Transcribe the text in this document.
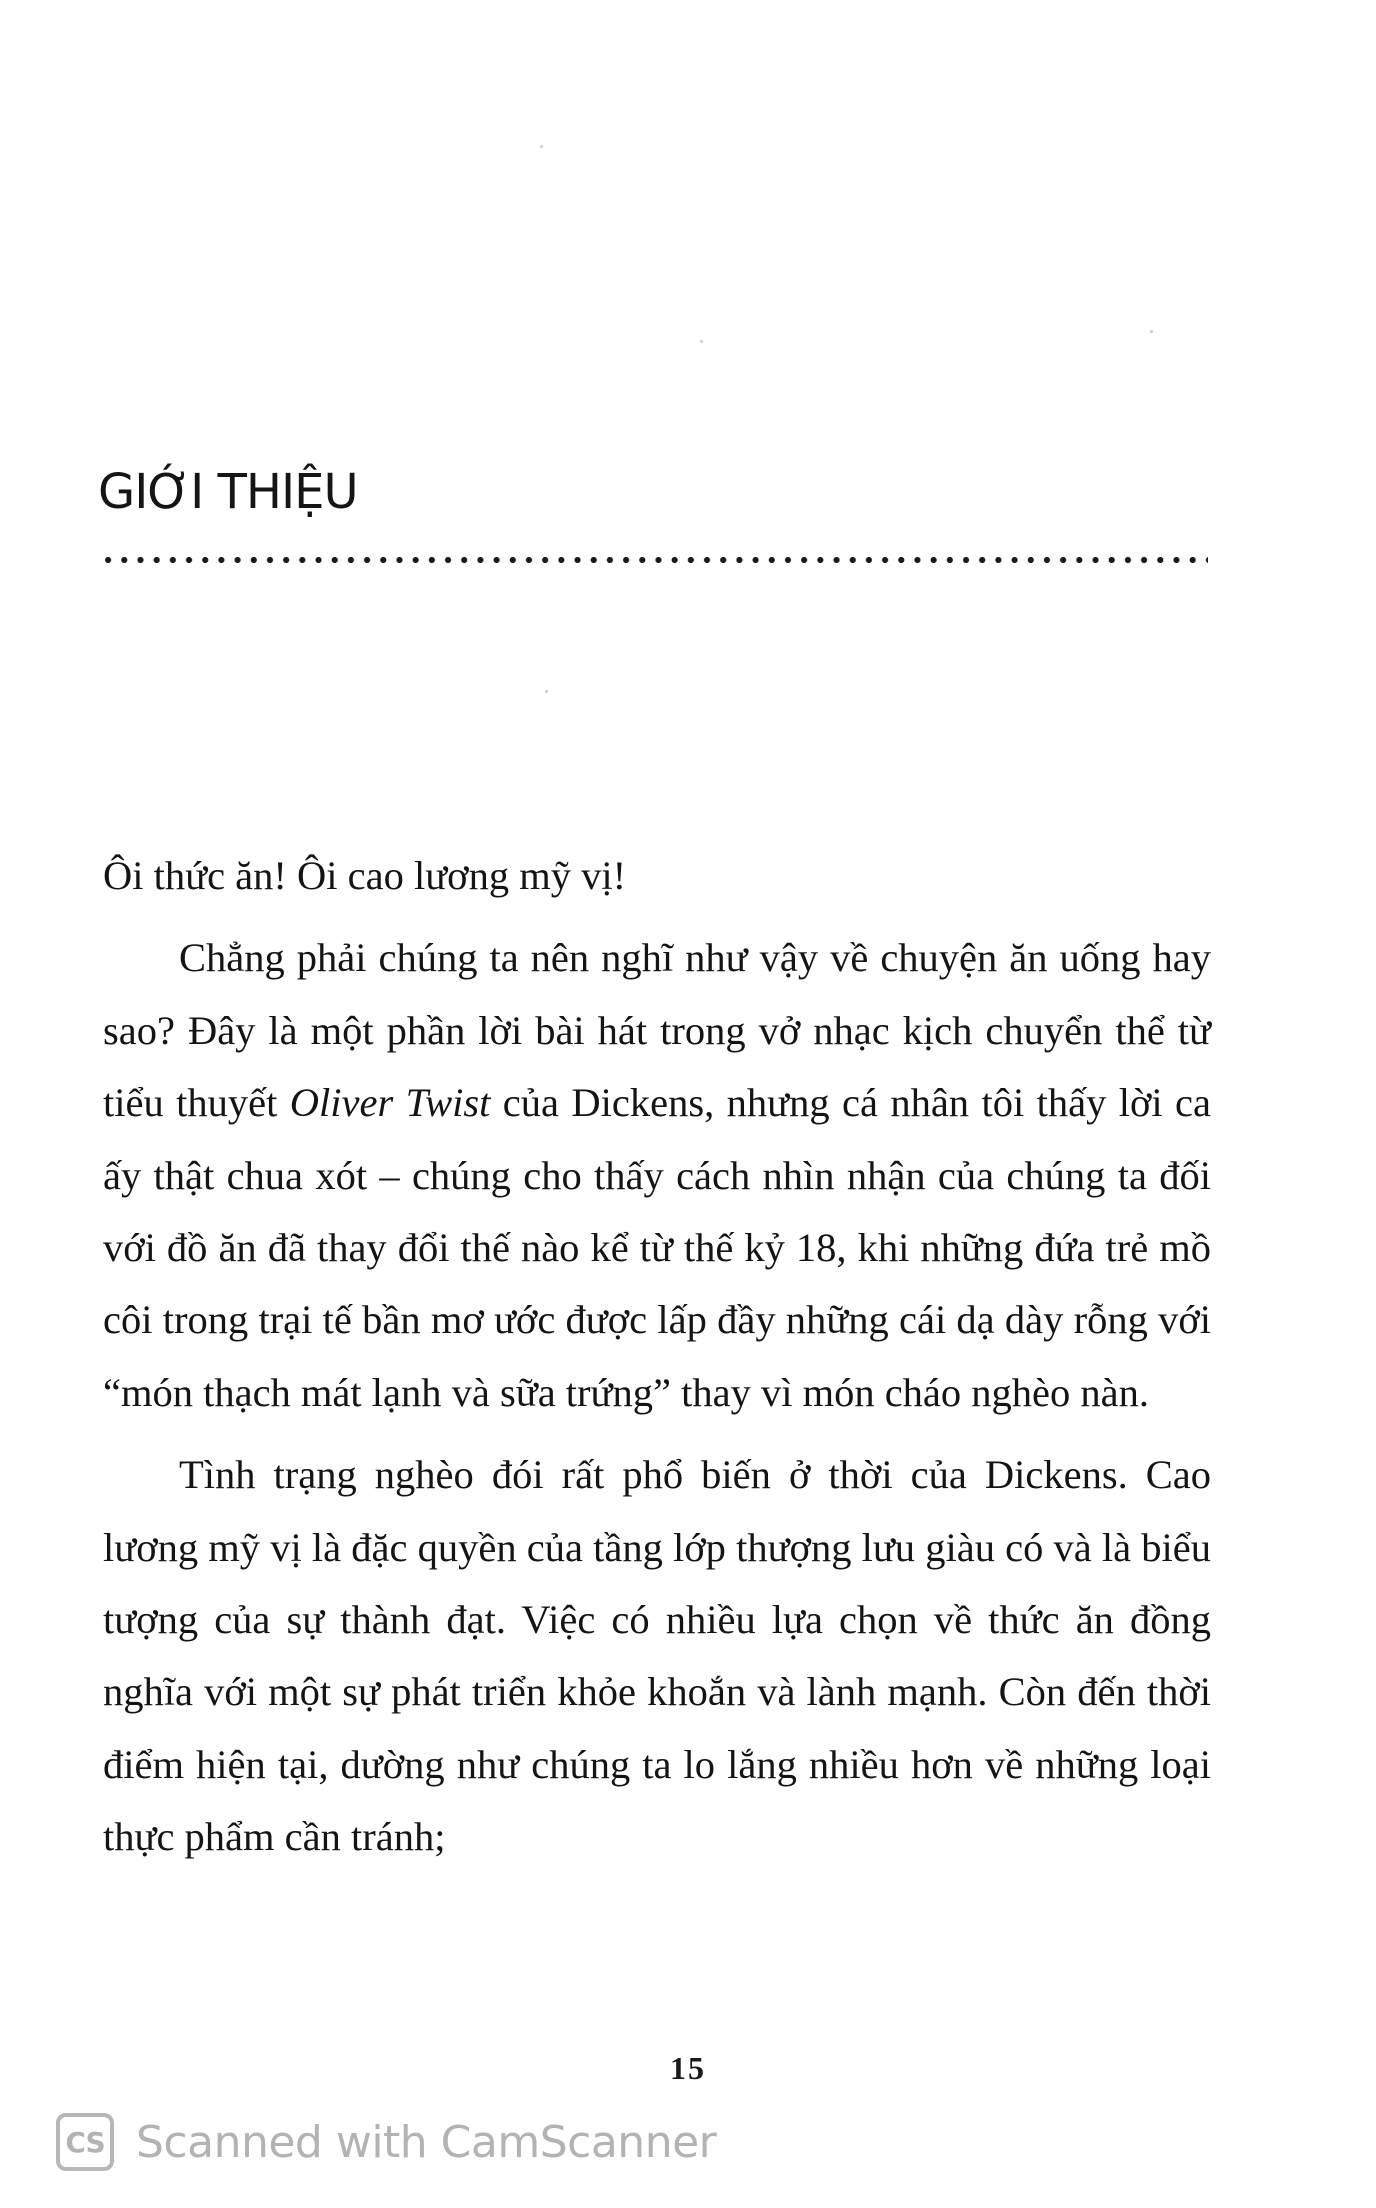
GIỚI THIỆU

Ôi thức ăn! Ôi cao lương mỹ vị!

Chẳng phải chúng ta nên nghĩ như vậy về chuyện ăn uống hay sao? Đây là một phần lời bài hát trong vở nhạc kịch chuyển thể từ tiểu thuyết Oliver Twist của Dickens, nhưng cá nhân tôi thấy lời ca ấy thật chua xót – chúng cho thấy cách nhìn nhận của chúng ta đối với đồ ăn đã thay đổi thế nào kể từ thế kỷ 18, khi những đứa trẻ mồ côi trong trại tế bần mơ ước được lấp đầy những cái dạ dày rỗng với “món thạch mát lạnh và sữa trứng” thay vì món cháo nghèo nàn.

Tình trạng nghèo đói rất phổ biến ở thời của Dickens. Cao lương mỹ vị là đặc quyền của tầng lớp thượng lưu giàu có và là biểu tượng của sự thành đạt. Việc có nhiều lựa chọn về thức ăn đồng nghĩa với một sự phát triển khỏe khoắn và lành mạnh. Còn đến thời điểm hiện tại, dường như chúng ta lo lắng nhiều hơn về những loại thực phẩm cần tránh;

15
CS Scanned with CamScanner
